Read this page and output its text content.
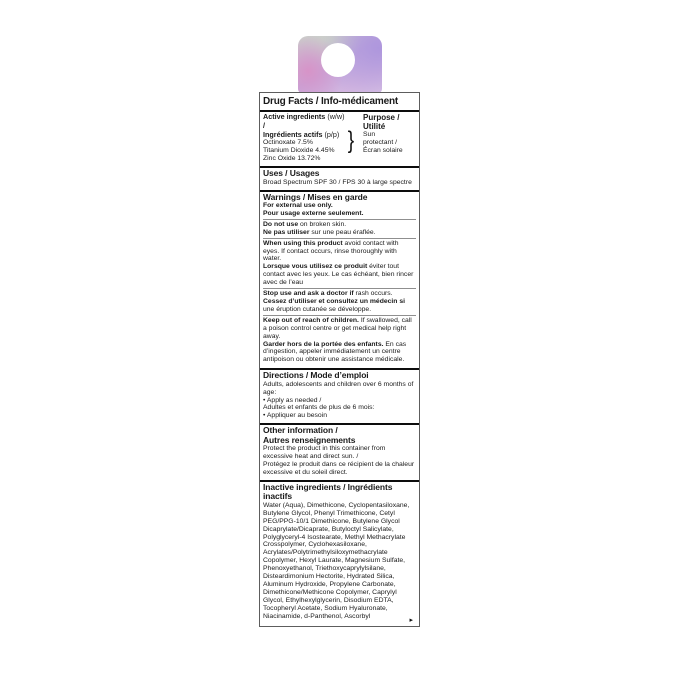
Drug Facts / Info-médicament

Active ingredients (w/w) /

Ingrédients actifs (p/p)

Octinoxate 7.5%

Titanium Dioxide 4.45%

Zinc Oxide 13.72%

}

Purpose /

Utilité

Sun

protectant /

Écran solaire

Uses / Usages

Broad Spectrum SPF 30 / FPS 30 à large spectre

Warnings / Mises en garde

For external use only.

Pour usage externe seulement.

Do not use on broken skin.

Ne pas utiliser sur une peau éraflée.

When using this product avoid contact with eyes. If contact occurs, rinse thoroughly with water.

Lorsque vous utilisez ce produit éviter tout contact avec les yeux. Le cas échéant, bien rincer avec de l’eau

Stop use and ask a doctor if rash occurs.

Cessez d’utiliser et consultez un médecin si une éruption cutanée se développe.

Keep out of reach of children. If swallowed, call a poison control centre or get medical help right away.

Garder hors de la portée des enfants. En cas d’ingestion, appeler immédiatement un centre antipoison ou obtenir une assistance médicale.

Directions / Mode d’emploi

Adults, adolescents and children over 6 months of age:

• Apply as needed /

Adultes et enfants de plus de 6 mois:

• Appliquer au besoin

Other information /

Autres renseignements

Protect the product in this container from excessive heat and direct sun. /

Protégez le produit dans ce récipient de la chaleur excessive et du soleil direct.

Inactive ingredients / Ingrédients

inactifs

Water (Aqua), Dimethicone, Cyclopentasiloxane, Butylene Glycol, Phenyl Trimethicone, Cetyl PEG/PPG-10/1 Dimethicone, Butylene Glycol Dicaprylate/Dicaprate, Butyloctyl Salicylate, Polyglyceryl-4 Isostearate, Methyl Methacrylate Crosspolymer, Cyclohexasiloxane, Acrylates/Polytrimethylsiloxymethacrylate Copolymer, Hexyl Laurate, Magnesium Sulfate, Phenoxyethanol, Triethoxycaprylylsilane, Disteardimonium Hectorite, Hydrated Silica, Aluminum Hydroxide, Propylene Carbonate, Dimethicone/Methicone Copolymer, Caprylyl Glycol, Ethylhexylglycerin, Disodium EDTA, Tocopheryl Acetate, Sodium Hyaluronate, Niacinamide, d-Panthenol, Ascorbyl

▸
